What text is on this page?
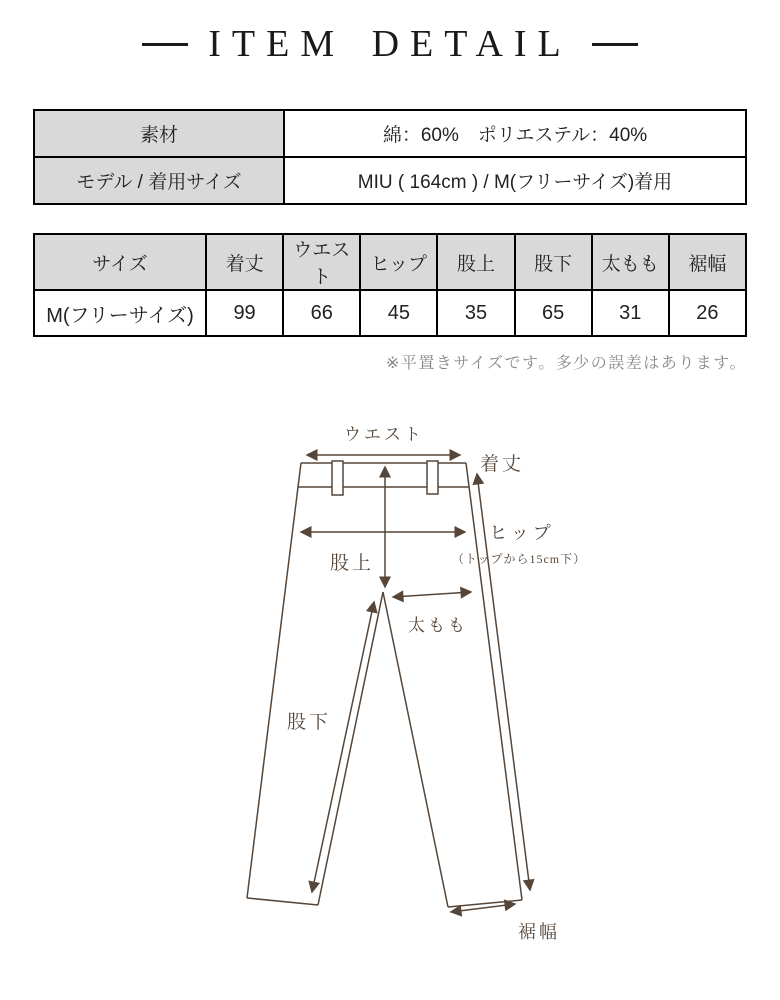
ITEM DETAIL
素材	綿：60%　ポリエステル：40%
モデル / 着用サイズ	MIU ( 164cm ) / M(フリーサイズ)着用
サイズ	着丈	ウエスト	ヒップ	股上	股下	太もも	裾幅
M(フリーサイズ)	99	66	45	35	65	31	26
※平置きサイズです。多少の誤差はあります。
ウエスト
着丈
ヒップ
（トップから15cm下）
股上
太もも
股下
裾幅
